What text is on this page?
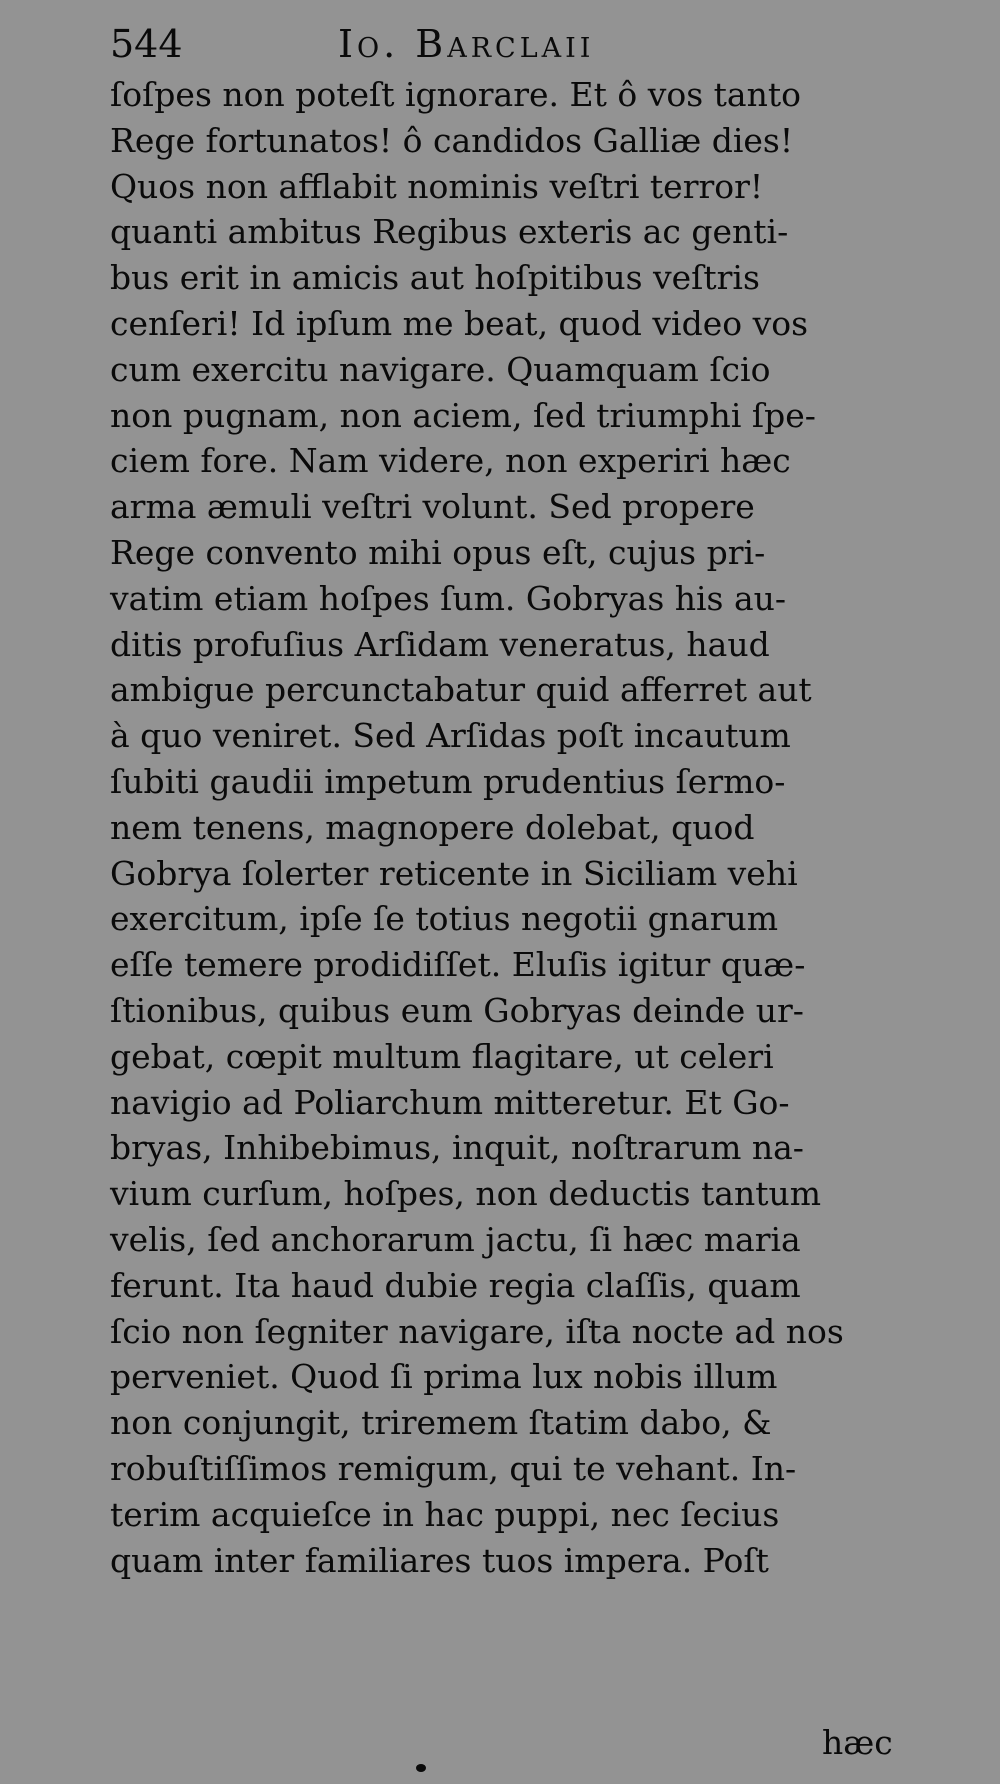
544	Io. Barclaii
ſoſpes non poteſt ignorare. Et ô vos tanto
Rege fortunatos! ô candidos Galliæ dies!
Quos non afflabit nominis veſtri terror!
quanti ambitus Regibus exteris ac genti-
bus erit in amicis aut hoſpitibus veſtris
cenſeri! Id ipſum me beat, quod video vos
cum exercitu navigare. Quamquam ſcio
non pugnam, non aciem, ſed triumphi ſpe-
ciem fore. Nam videre, non experiri hæc
arma æmuli veſtri volunt. Sed propere
Rege convento mihi opus eſt, cujus pri-
vatim etiam hoſpes ſum. Gobryas his au-
ditis profuſius Arſidam veneratus, haud
ambigue percunctabatur quid afferret aut
à quo veniret. Sed Arſidas poſt incautum
ſubiti gaudii impetum prudentius ſermo-
nem tenens, magnopere dolebat, quod
Gobrya ſolerter reticente in Siciliam vehi
exercitum, ipſe ſe totius negotii gnarum
eſſe temere prodidiſſet. Eluſis igitur quæ-
ſtionibus, quibus eum Gobryas deinde ur-
gebat, cœpit multum flagitare, ut celeri
navigio ad Poliarchum mitteretur. Et Go-
bryas, Inhibebimus, inquit, noſtrarum na-
vium curſum, hoſpes, non deductis tantum
velis, ſed anchorarum jactu, ſi hæc maria
ferunt. Ita haud dubie regia claſſis, quam
ſcio non ſegniter navigare, iſta nocte ad nos
perveniet. Quod ſi prima lux nobis illum
non conjungit, triremem ſtatim dabo, &
robuſtiſſimos remigum, qui te vehant. In-
terim acquieſce in hac puppi, nec ſecius
quam inter familiares tuos impera. Poſt
hæc
